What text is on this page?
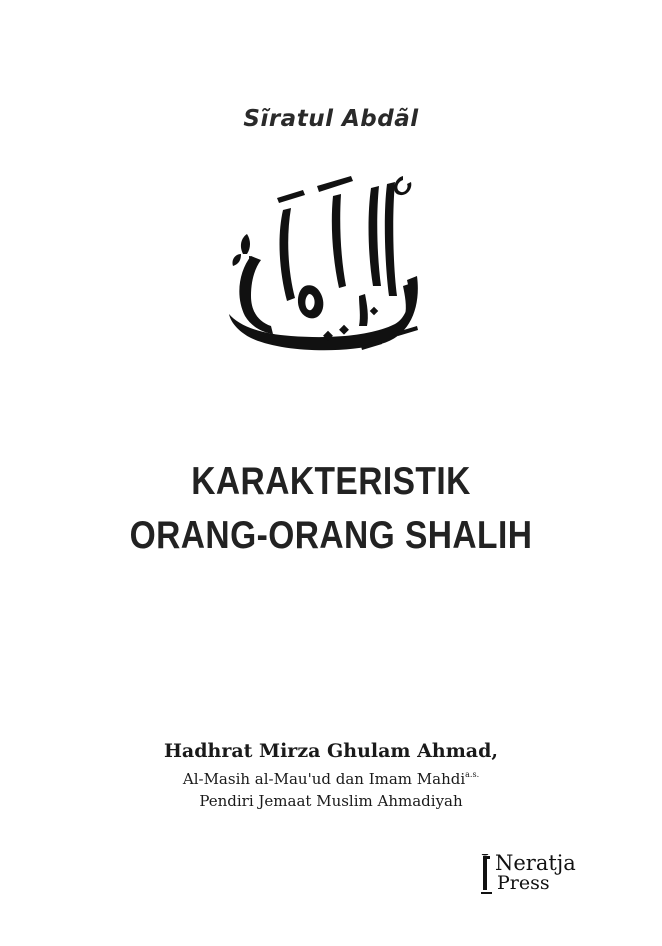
Sĩratul Abdãl
KARAKTERISTIK
ORANG-ORANG SHALIH
Hadhrat Mirza Ghulam Ahmad,
Al-Masih al-Mau'ud dan Imam Mahdi$^{a.s.}$
Pendiri Jemaat Muslim Ahmadiyah
Neratja
Press
